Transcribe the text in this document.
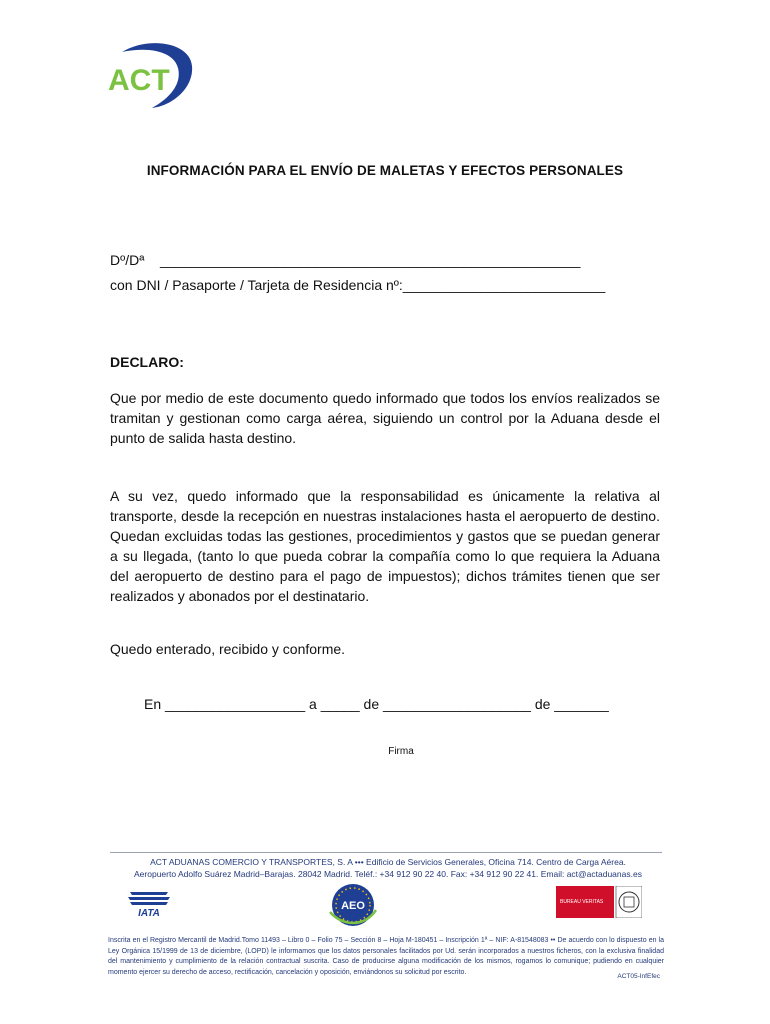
ACT
INFORMACIÓN PARA EL ENVÍO DE MALETAS Y EFECTOS PERSONALES
Dº/Dª    ______________________________________________________
con DNI / Pasaporte / Tarjeta de Residencia nº:__________________________
DECLARO:
Que por medio de este documento quedo informado que todos los envíos realizados se tramitan y gestionan como carga aérea, siguiendo un control por la Aduana desde el punto de salida hasta destino.
A su vez, quedo informado que la responsabilidad es únicamente la relativa al transporte, desde la recepción en nuestras instalaciones hasta el aeropuerto de destino. Quedan excluidas todas las gestiones, procedimientos y gastos que se puedan generar a su llegada, (tanto lo que pueda cobrar la compañía como lo que requiera la Aduana del aeropuerto de destino para el pago de impuestos); dichos trámites tienen que ser realizados y abonados por el destinatario.
Quedo enterado, recibido y conforme.
En __________________ a _____ de ___________________ de _______
Firma
ACT ADUANAS COMERCIO Y TRANSPORTES, S. A ••• Edificio de Servicios Generales, Oficina 714. Centro de Carga Aérea.
Aeropuerto Adolfo Suárez Madrid–Barajas. 28042 Madrid. Teléf.: +34 912 90 22 40. Fax: +34 912 90 22 41. Email: act@actaduanas.es
IATA
AEO	BUREAU VERITAS
Inscrita en el Registro Mercantil de Madrid.Tomo 11493 – Libro 0 – Folio 75 – Sección 8 – Hoja M-180451 – Inscripción 1ª – NIF: A-81548083 •• De acuerdo con lo dispuesto en la Ley Orgánica 15/1999 de 13 de diciembre, (LOPD) le informamos que los datos personales facilitados por Ud. serán incorporados a nuestros ficheros, con la exclusiva finalidad del mantenimiento y cumplimiento de la relación contractual suscrita. Caso de producirse alguna modificación de los mismos, rogamos lo comunique; pudiendo en cualquier momento ejercer su derecho de acceso, rectificación, cancelación y oposición, enviándonos su solicitud por escrito.
ACT05-InfEfec
